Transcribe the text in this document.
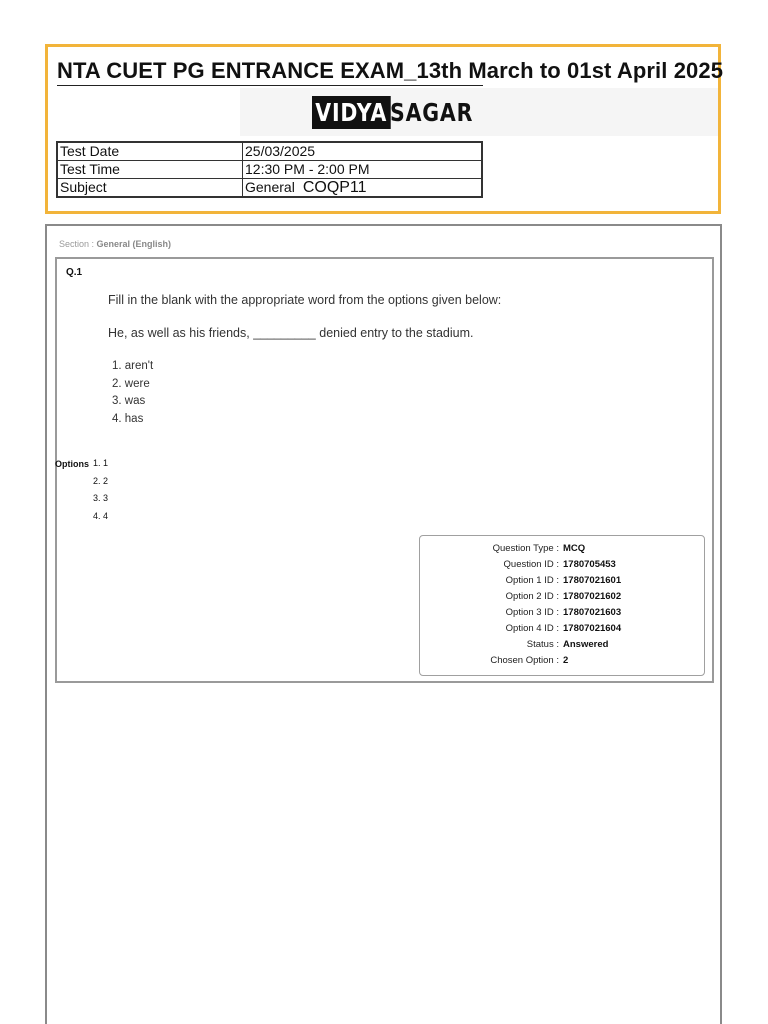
NTA CUET PG ENTRANCE EXAM_13th March to 01st April 2025
VIDYA SAGAR
Test Date	25/03/2025
Test Time	12:30 PM - 2:00 PM
Subject	General COQP11
Section : General (English)
Q.1
Fill in the blank with the appropriate word from the options given below:
He, as well as his friends, _________ denied entry to the stadium.
1. aren't
2. were
3. was
4. has
Options 1. 1
2. 2
3. 3
4. 4
Question Type : MCQ
Question ID : 1780705453
Option 1 ID : 17807021601
Option 2 ID : 17807021602
Option 3 ID : 17807021603
Option 4 ID : 17807021604
Status : Answered
Chosen Option : 2
